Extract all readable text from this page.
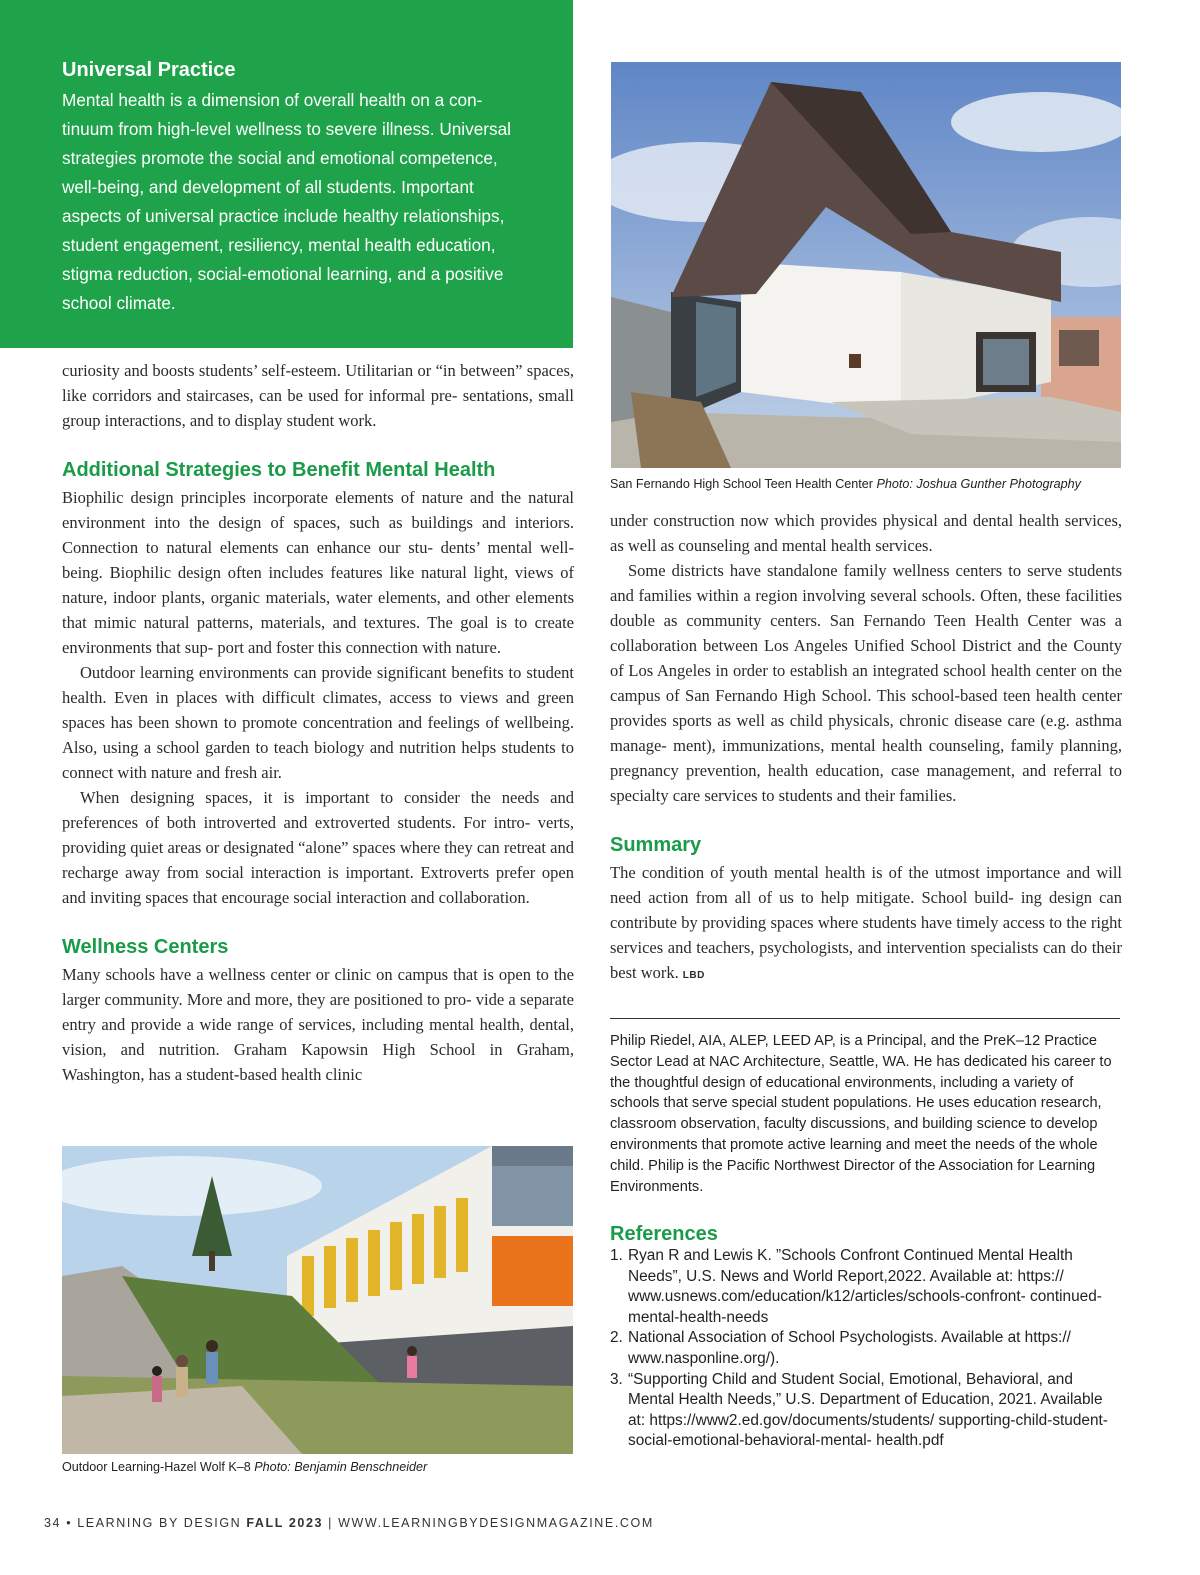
Universal Practice

Mental health is a dimension of overall health on a con- tinuum from high-level wellness to severe illness. Universal strategies promote the social and emotional competence, well-being, and development of all students. Important aspects of universal practice include healthy relationships, student engagement, resiliency, mental health education, stigma reduction, social-emotional learning, and a positive school climate.

curiosity and boosts students’ self-esteem. Utilitarian or “in between” spaces, like corridors and staircases, can be used for informal pre- sentations, small group interactions, and to display student work.

Additional Strategies to Benefit Mental Health

Biophilic design principles incorporate elements of nature and the natural environment into the design of spaces, such as buildings and interiors. Connection to natural elements can enhance our stu- dents’ mental well-being. Biophilic design often includes features like natural light, views of nature, indoor plants, organic materials, water elements, and other elements that mimic natural patterns, materials, and textures. The goal is to create environments that sup- port and foster this connection with nature.

Outdoor learning environments can provide significant benefits to student health. Even in places with difficult climates, access to views and green spaces has been shown to promote concentration and feelings of wellbeing. Also, using a school garden to teach biology and nutrition helps students to connect with nature and fresh air.

When designing spaces, it is important to consider the needs and preferences of both introverted and extroverted students. For intro- verts, providing quiet areas or designated “alone” spaces where they can retreat and recharge away from social interaction is important. Extroverts prefer open and inviting spaces that encourage social interaction and collaboration.

Wellness Centers

Many schools have a wellness center or clinic on campus that is open to the larger community. More and more, they are positioned to pro- vide a separate entry and provide a wide range of services, including mental health, dental, vision, and nutrition. Graham Kapowsin High School in Graham, Washington, has a student-based health clinic

San Fernando High School Teen Health Center Photo: Joshua Gunther Photography

under construction now which provides physical and dental health services, as well as counseling and mental health services.

Some districts have standalone family wellness centers to serve students and families within a region involving several schools. Often, these facilities double as community centers. San Fernando Teen Health Center was a collaboration between Los Angeles Unified School District and the County of Los Angeles in order to establish an integrated school health center on the campus of San Fernando High School. This school-based teen health center provides sports as well as child physicals, chronic disease care (e.g. asthma manage- ment), immunizations, mental health counseling, family planning, pregnancy prevention, health education, case management, and referral to specialty care services to students and their families.

Summary

The condition of youth mental health is of the utmost importance and will need action from all of us to help mitigate. School build- ing design can contribute by providing spaces where students have timely access to the right services and teachers, psychologists, and intervention specialists can do their best work. LBD

Philip Riedel, AIA, ALEP, LEED AP, is a Principal, and the PreK–12 Practice Sector Lead at NAC Architecture, Seattle, WA. He has dedicated his career to the thoughtful design of educational environments, including a variety of schools that serve special student populations. He uses education research, classroom observation, faculty discussions, and building science to develop environments that promote active learning and meet the needs of the whole child. Philip is the Pacific Northwest Director of the Association for Learning Environments.

References
1. Ryan R and Lewis K. ”Schools Confront Continued Mental Health Needs”, U.S. News and World Report,2022. Available at: https:// www.usnews.com/education/k12/articles/schools-confront- continued-mental-health-needs
2. National Association of School Psychologists. Available at https:// www.nasponline.org/).
3. “Supporting Child and Student Social, Emotional, Behavioral, and Mental Health Needs,” U.S. Department of Education, 2021. Available at: https://www2.ed.gov/documents/students/ supporting-child-student-social-emotional-behavioral-mental- health.pdf
Outdoor Learning-Hazel Wolf K–8 Photo: Benjamin Benschneider
34 • LEARNING BY DESIGN FALL 2023 | WWW.LEARNINGBYDESIGNMAGAZINE.COM
